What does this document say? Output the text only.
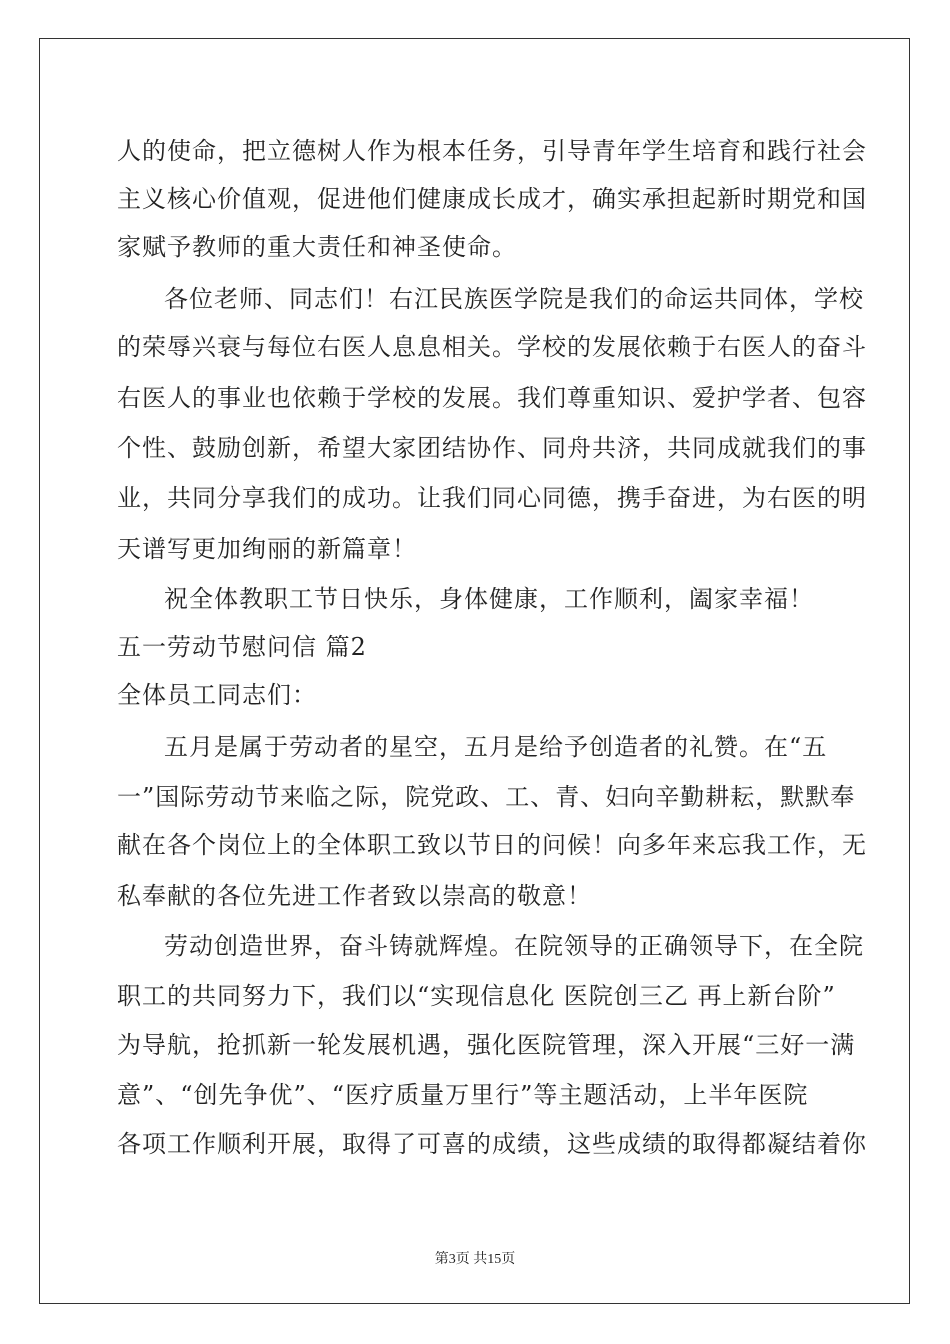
人的使命，把立德树人作为根本任务，引导青年学生培育和践行社会
主义核心价值观，促进他们健康成长成才，确实承担起新时期党和国
家赋予教师的重大责任和神圣使命。
各位老师、同志们！右江民族医学院是我们的命运共同体，学校
的荣辱兴衰与每位右医人息息相关。学校的发展依赖于右医人的奋斗
右医人的事业也依赖于学校的发展。我们尊重知识、爱护学者、包容
个性、鼓励创新，希望大家团结协作、同舟共济，共同成就我们的事
业，共同分享我们的成功。让我们同心同德，携手奋进，为右医的明
天谱写更加绚丽的新篇章！
祝全体教职工节日快乐，身体健康，工作顺利，阖家幸福！
五一劳动节慰问信 篇2
全体员工同志们：
五月是属于劳动者的星空，五月是给予创造者的礼赞。在“五
一”国际劳动节来临之际，院党政、工、青、妇向辛勤耕耘，默默奉
献在各个岗位上的全体职工致以节日的问候！向多年来忘我工作，无
私奉献的各位先进工作者致以崇高的敬意！
劳动创造世界，奋斗铸就辉煌。在院领导的正确领导下，在全院
职工的共同努力下，我们以“实现信息化 医院创三乙 再上新台阶”
为导航，抢抓新一轮发展机遇，强化医院管理，深入开展“三好一满
意”、“创先争优”、“医疗质量万里行”等主题活动，上半年医院
各项工作顺利开展，取得了可喜的成绩，这些成绩的取得都凝结着你
第3页 共15页
